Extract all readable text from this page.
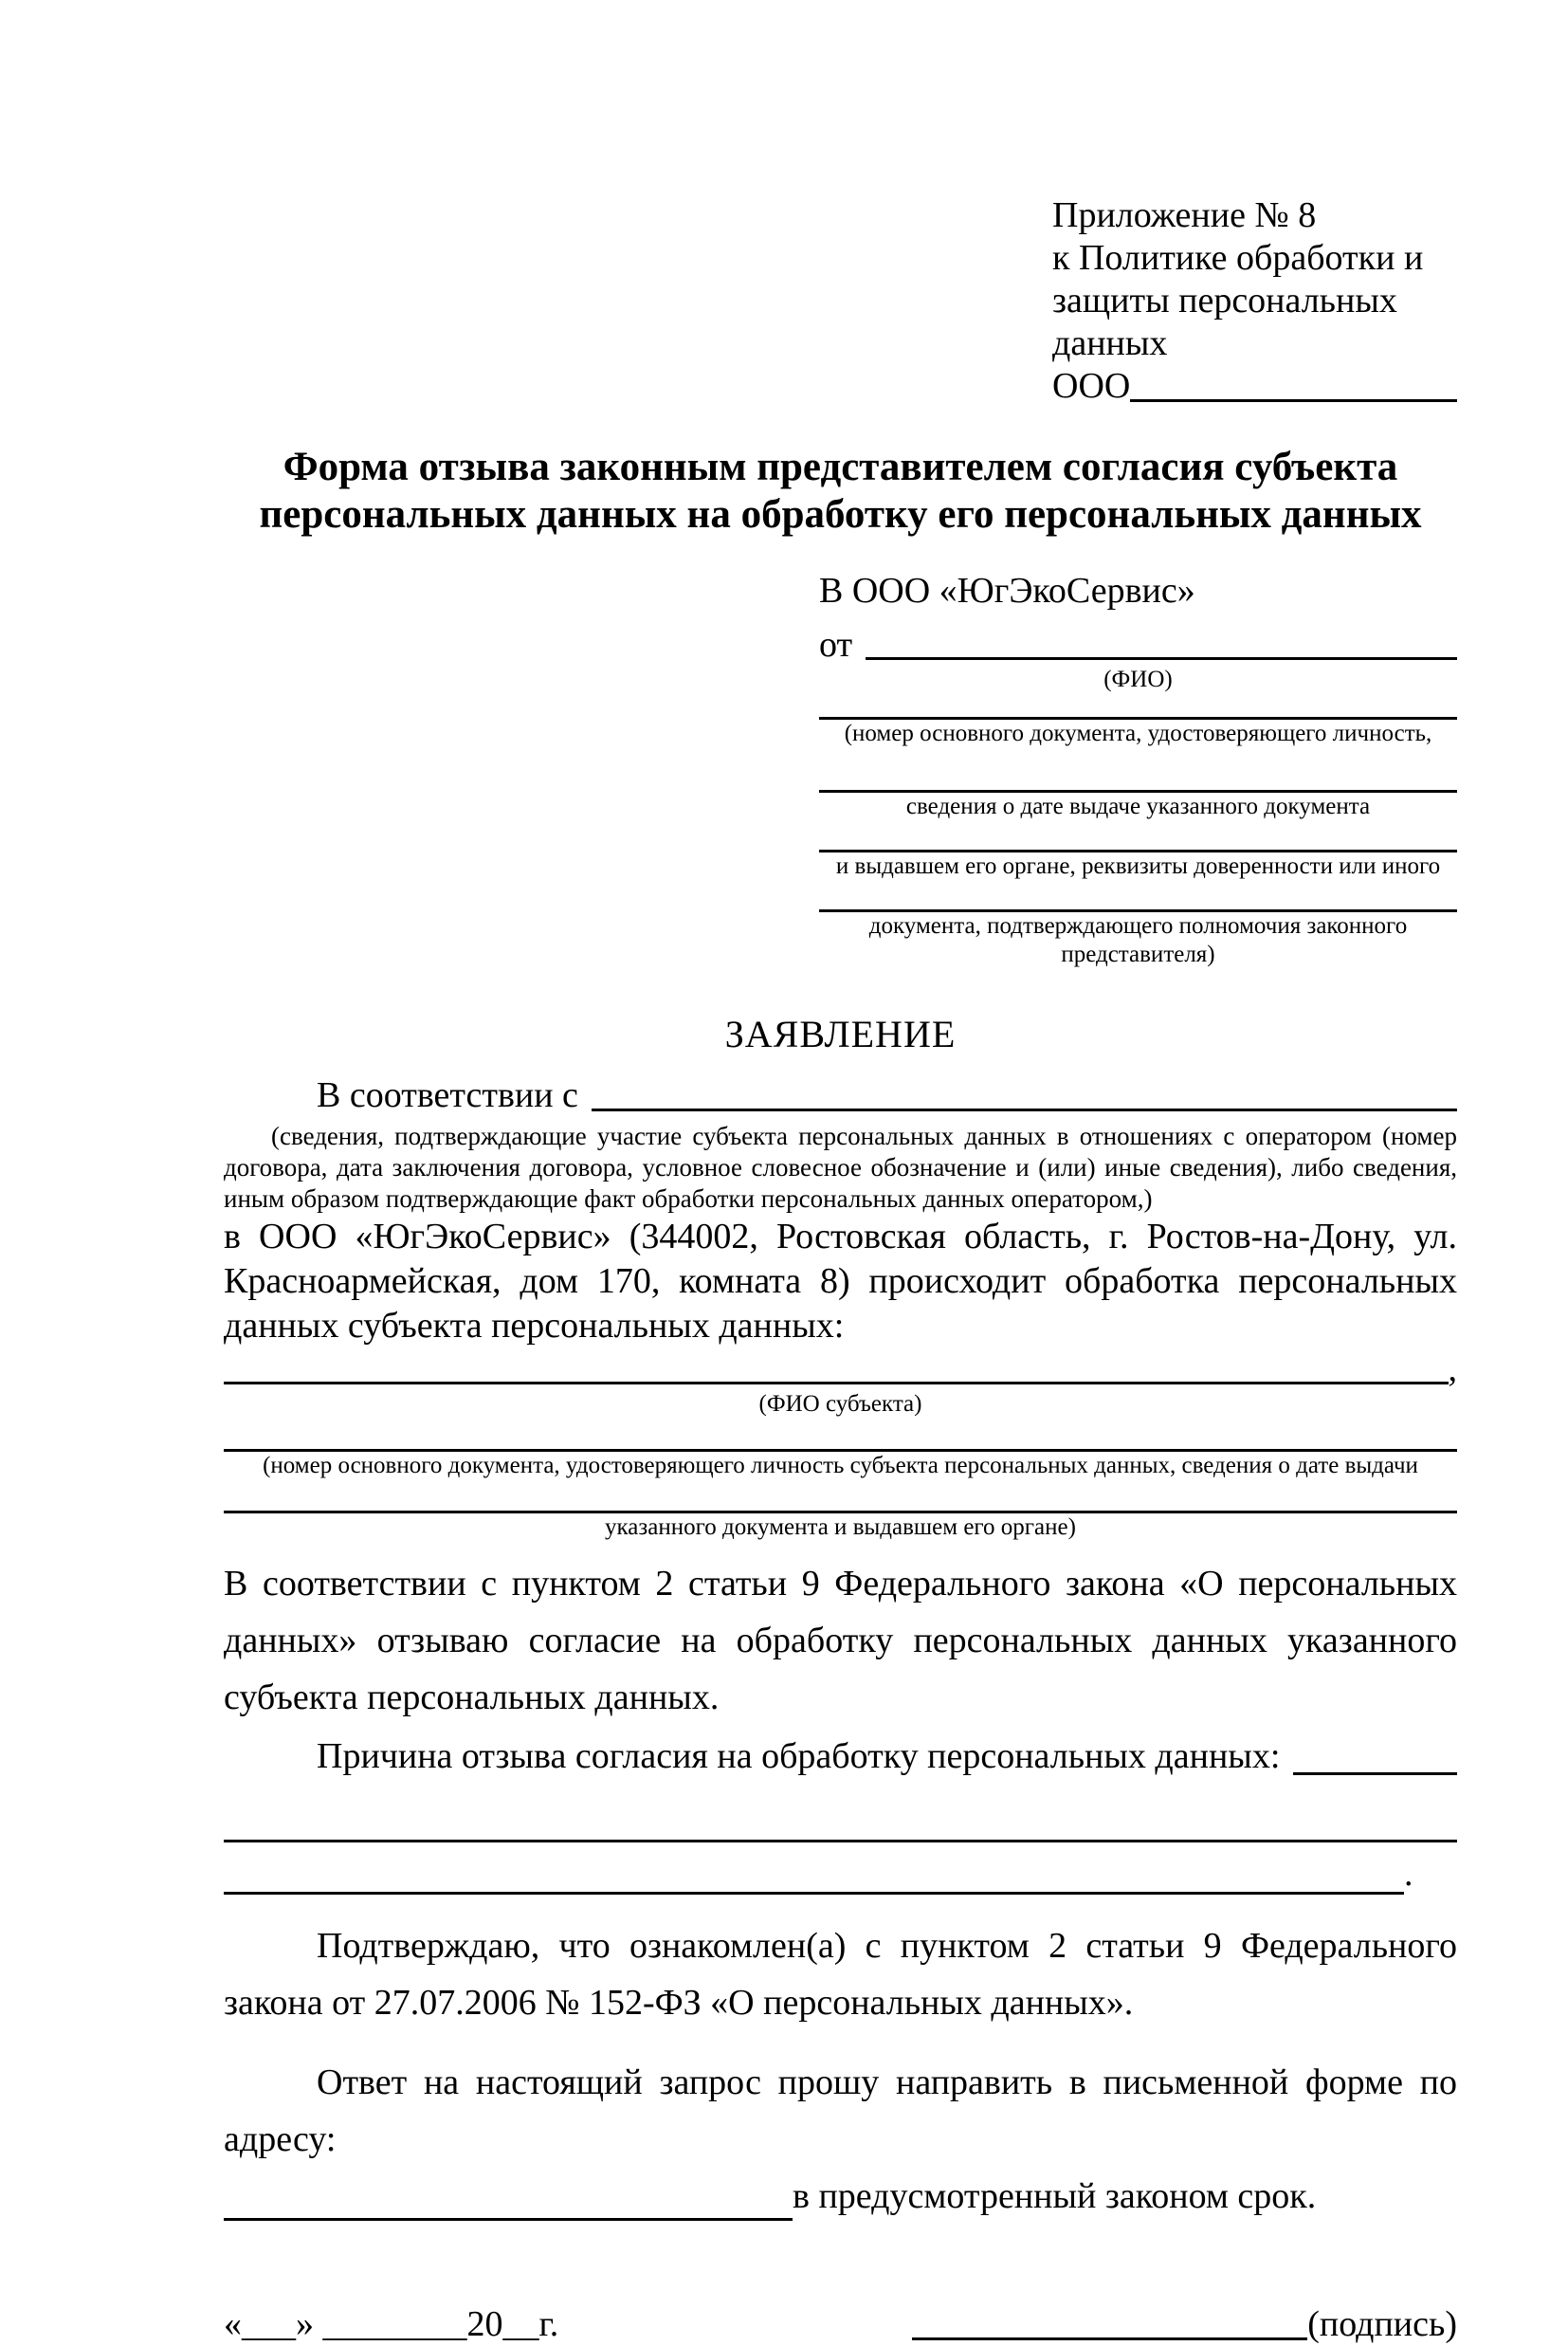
Приложение № 8
к Политике обработки и
защиты персональных данных
ООО
Форма отзыва законным представителем согласия субъекта
персональных данных на обработку его персональных данных
В ООО «ЮгЭкоСервис»
от
(ФИО)
(номер основного документа, удостоверяющего личность,
сведения о дате выдаче указанного документа
и выдавшем его органе, реквизиты доверенности или иного
документа, подтверждающего полномочия законного представителя)
ЗАЯВЛЕНИЕ
В соответствии с
(сведения, подтверждающие участие субъекта персональных данных в отношениях с оператором (номер договора, дата заключения договора, условное словесное обозначение и (или) иные сведения), либо сведения, иным образом подтверждающие факт обработки персональных данных оператором,)

в ООО «ЮгЭкоСервис» (344002, Ростовская область, г. Ростов-на-Дону, ул. Красноармейская, дом 170, комната 8) происходит обработка персональных данных субъекта персональных данных:

,
(ФИО субъекта)
(номер основного документа, удостоверяющего личность субъекта персональных данных, сведения о дате выдачи
указанного документа и выдавшем его органе)

В соответствии с пунктом 2 статьи 9 Федерального закона «О персональных данных» отзываю согласие на обработку персональных данных указанного субъекта персональных данных.

Причина отзыва согласия на обработку персональных данных:
.

Подтверждаю, что ознакомлен(а) с пунктом 2 статьи 9 Федерального закона от 27.07.2006 № 152-ФЗ «О персональных данных».

Ответ на настоящий запрос прошу направить в письменной форме по адресу:

в предусмотренный законом срок.
«___» ________20__г.	(подпись)
